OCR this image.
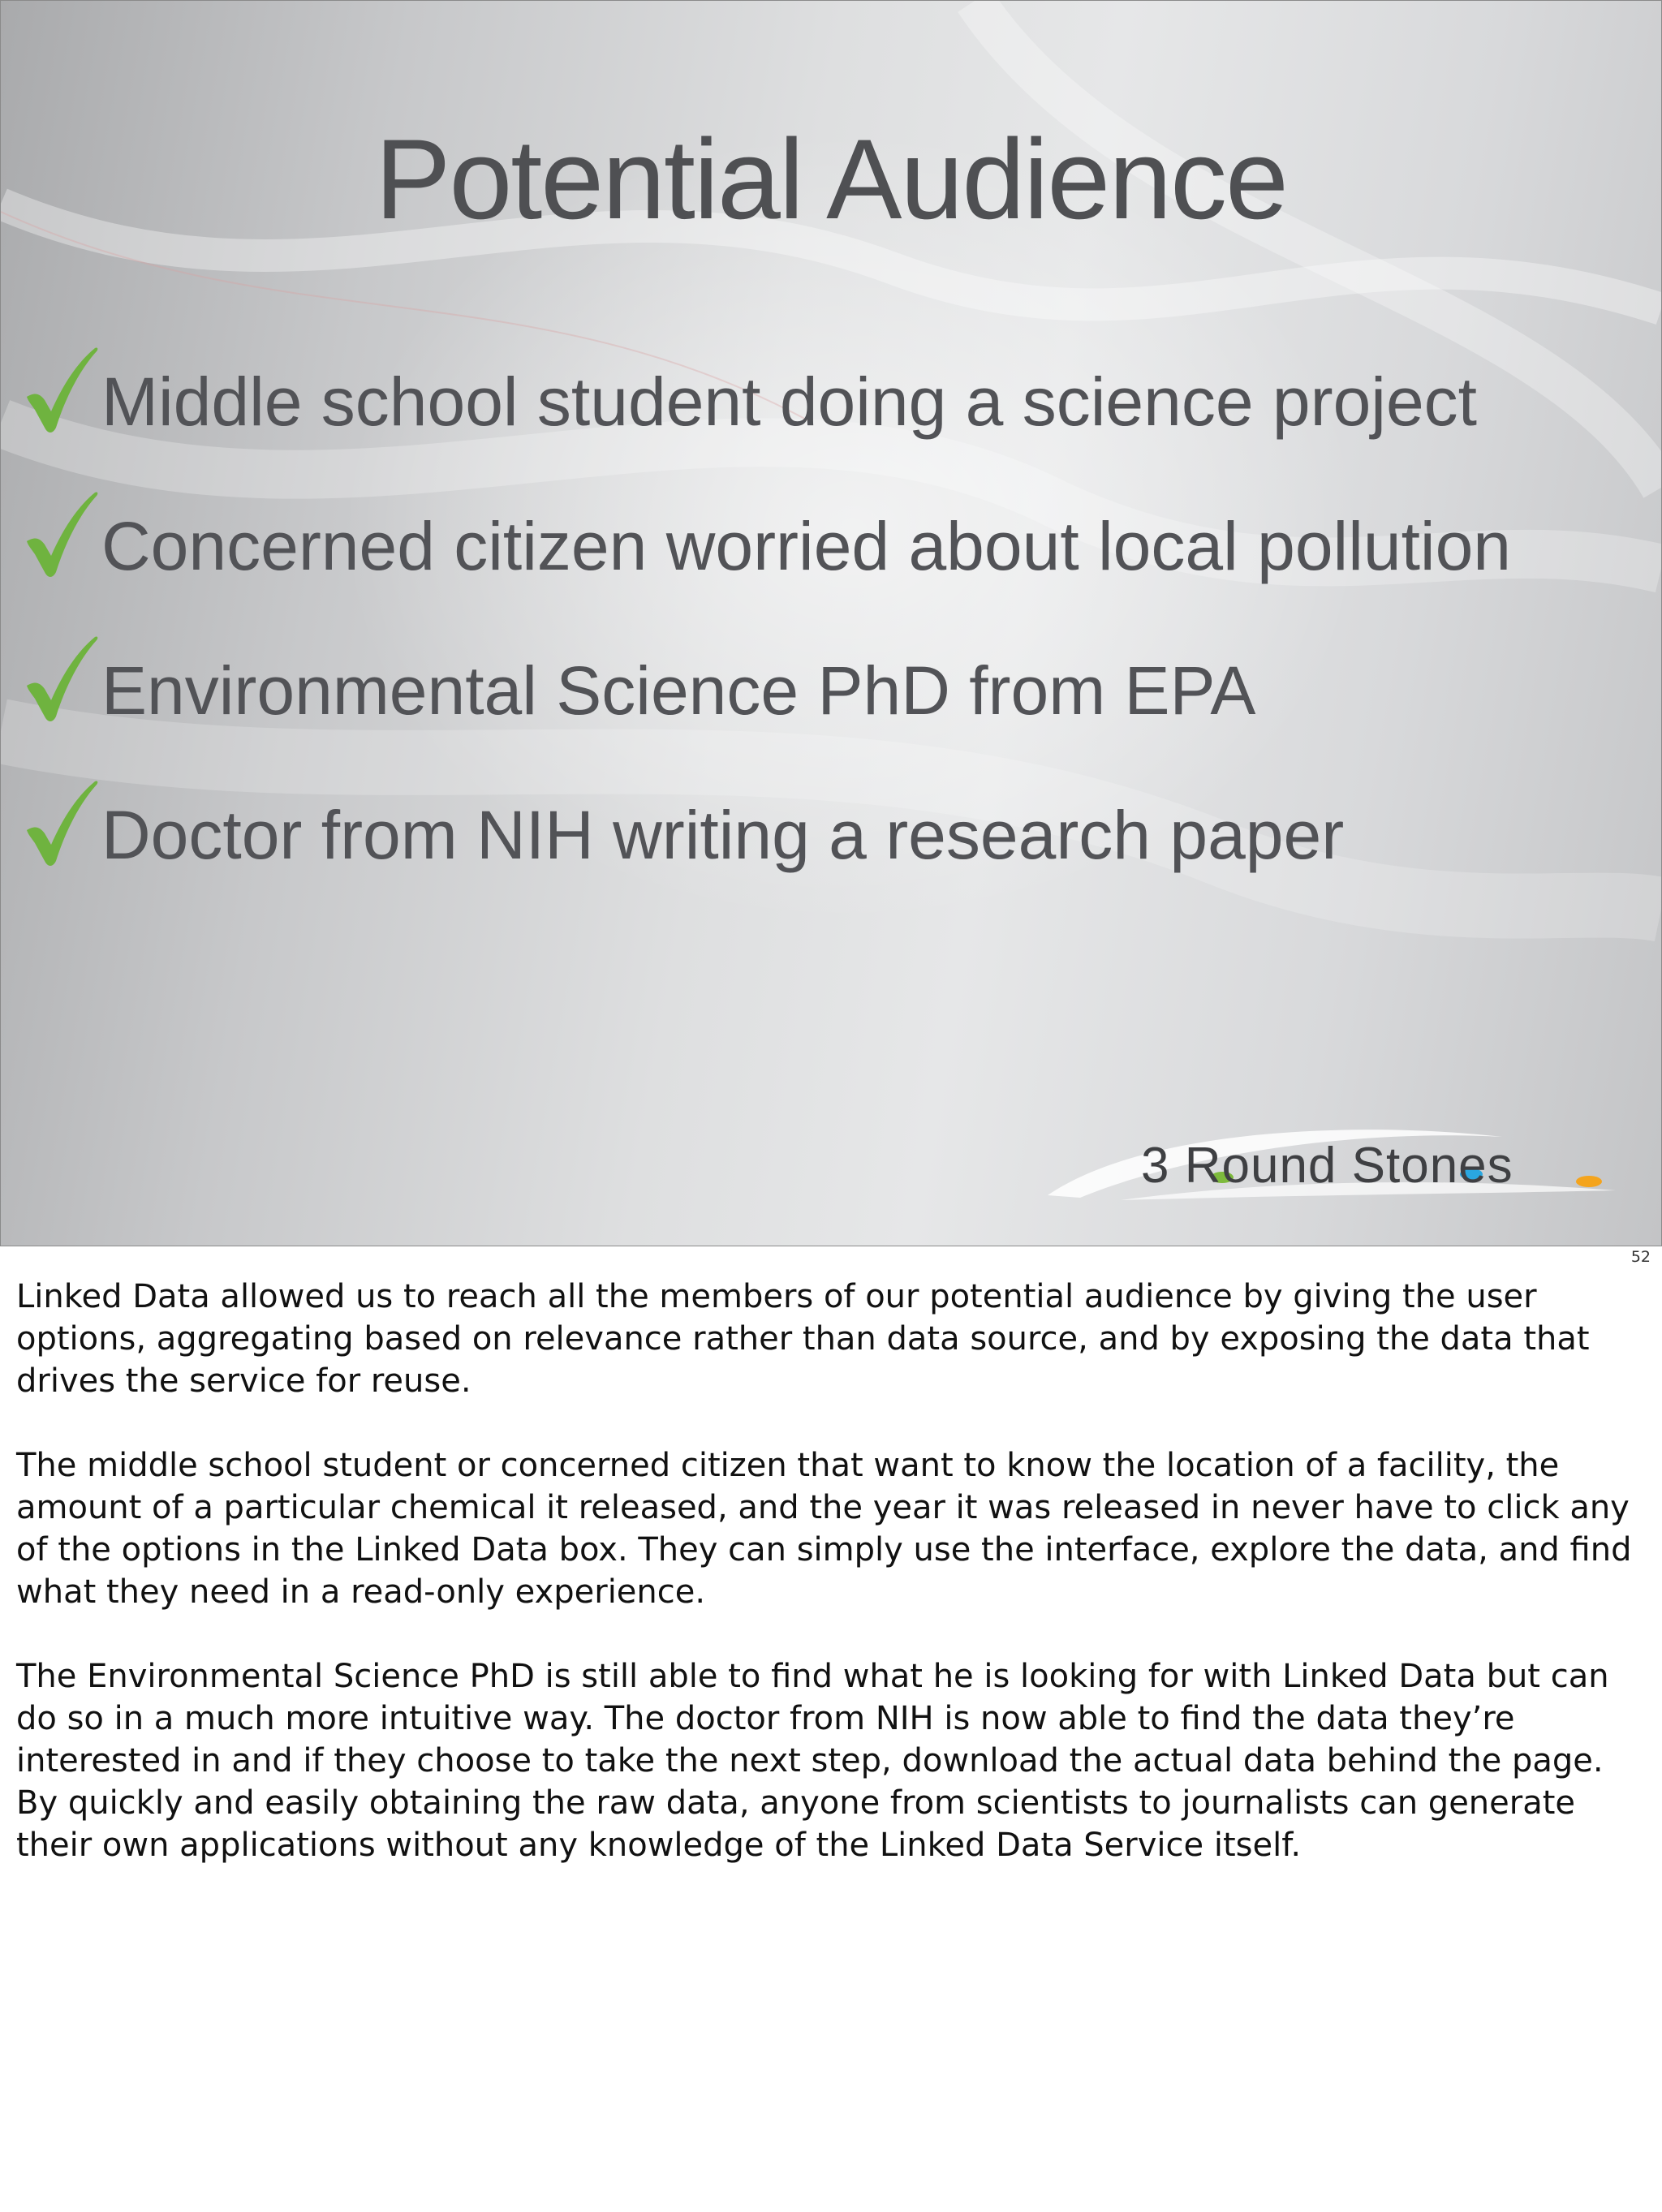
Potential Audience
Middle school student doing a science project
Concerned citizen worried about local pollution
Environmental Science PhD from EPA
Doctor from NIH writing a research paper
3 Round Stones
52

Linked Data allowed us to reach all the members of our potential audience by giving the user options, aggregating based on relevance rather than data source, and by exposing the data that drives the service for reuse.

The middle school student or concerned citizen that want to know the location of a facility, the amount of a particular chemical it released, and the year it was released in never have to click any of the options in the Linked Data box. They can simply use the interface, explore the data, and find what they need in a read-only experience.

The Environmental Science PhD is still able to find what he is looking for with Linked Data but can do so in a much more intuitive way. The doctor from NIH is now able to find the data they’re interested in and if they choose to take the next step, download the actual data behind the page. By quickly and easily obtaining the raw data, anyone from scientists to journalists can generate their own applications without any knowledge of the Linked Data Service itself.
